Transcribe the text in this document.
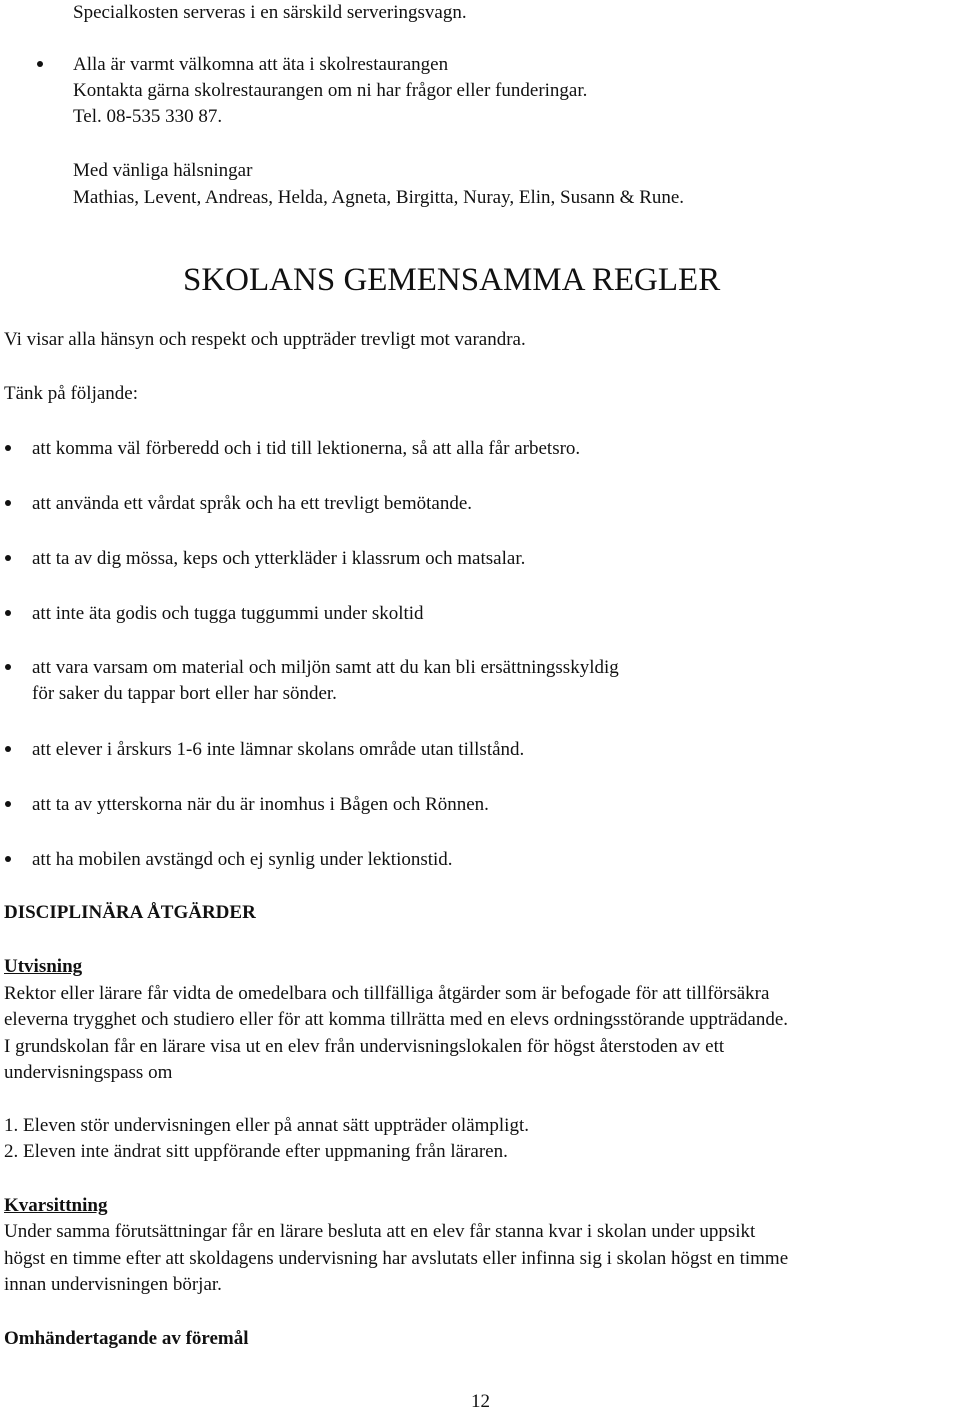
Specialkosten serveras i en särskild serveringsvagn.
Alla är varmt välkomna att äta i skolrestaurangen
Kontakta gärna skolrestaurangen om ni har frågor eller funderingar.
Tel. 08-535 330 87.
Med vänliga hälsningar
Mathias, Levent, Andreas, Helda, Agneta, Birgitta, Nuray, Elin, Susann & Rune.
SKOLANS GEMENSAMMA REGLER
Vi visar alla hänsyn och respekt och uppträder trevligt mot varandra.
Tänk på följande:
att komma väl förberedd och i tid till lektionerna, så att alla får arbetsro.
att använda ett vårdat språk och ha ett trevligt bemötande.
att ta av dig mössa, keps och ytterkläder i klassrum och matsalar.
att inte äta godis och tugga tuggummi under skoltid
att vara varsam om material och miljön samt att du kan bli ersättningsskyldig
för saker du tappar bort eller har sönder.
att elever i årskurs 1-6 inte lämnar skolans område utan tillstånd.
att ta av ytterskorna när du är inomhus i Bågen och Rönnen.
att ha mobilen avstängd och ej synlig under lektionstid.
DISCIPLINÄRA ÅTGÄRDER
Utvisning
Rektor eller lärare får vidta de omedelbara och tillfälliga åtgärder som är befogade för att tillförsäkra
eleverna trygghet och studiero eller för att komma tillrätta med en elevs ordningsstörande uppträdande.
I grundskolan får en lärare visa ut en elev från undervisningslokalen för högst återstoden av ett
undervisningspass om
1. Eleven stör undervisningen eller på annat sätt uppträder olämpligt.
2. Eleven inte ändrat sitt uppförande efter uppmaning från läraren.
Kvarsittning
Under samma förutsättningar får en lärare besluta att en elev får stanna kvar i skolan under uppsikt
högst en timme efter att skoldagens undervisning har avslutats eller infinna sig i skolan högst en timme
innan undervisningen börjar.
Omhändertagande av föremål
12
